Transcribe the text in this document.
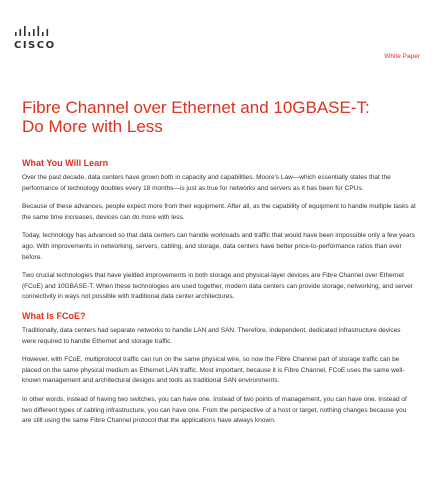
CISCO
White Paper
Fibre Channel over Ethernet and 10GBASE-T:
Do More with Less
What You Will Learn

Over the past decade, data centers have grown both in capacity and capabilities. Moore's Law—which essentially states that the performance of technology doubles every 18 months—is just as true for networks and servers as it has been for CPUs.

Because of these advances, people expect more from their equipment. After all, as the capability of equipment to handle multiple tasks at the same time increases, devices can do more with less.

Today, technology has advanced so that data centers can handle workloads and traffic that would have been impossible only a few years ago. With improvements in networking, servers, cabling, and storage, data centers have better price-to-performance ratios than ever before.

Two crucial technologies that have yielded improvements in both storage and physical-layer devices are Fibre Channel over Ethernet (FCoE) and 10GBASE-T. When these technologies are used together, modern data centers can provide storage, networking, and server connectivity in ways not possible with traditional data center architectures.

What Is FCoE?

Traditionally, data centers had separate networks to handle LAN and SAN. Therefore, independent, dedicated infrastructure devices were required to handle Ethernet and storage traffic.

However, with FCoE, multiprotocol traffic can run on the same physical wire, so now the Fibre Channel part of storage traffic can be placed on the same physical medium as Ethernet LAN traffic. Most important, because it is Fibre Channel, FCoE uses the same well-known management and architectural designs and tools as traditional SAN environments.

In other words, instead of having two switches, you can have one. Instead of two points of management, you can have one. Instead of two different types of cabling infrastructure, you can have one. From the perspective of a host or target, nothing changes because you are still using the same Fibre Channel protocol that the applications have always known.
